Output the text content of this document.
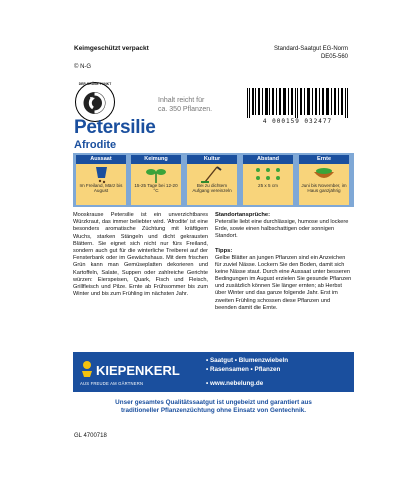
Keimgeschützt verpackt
© N-G
Standard-Saatgut EG-Norm
DE05-560
DER GRÜNE PUNKT
Inhalt reicht für
ca. 350 Pflanzen.
4 000159 032477
Petersilie
Afrodite
Aussaat
Im Freiland, März bis August
Keimung
15-25 Tage bei 12-20 °C
Kultur
Bei zu dichtem Aufgang vereinzeln
Abstand
25 x 5 cm
Ernte
Juni bis November, im Haus ganzjährig
Mooskrause Petersilie ist ein unverzichtbares Würzkraut, das immer beliebter wird. 'Afrodite' ist eine besonders aromatische Züchtung mit kräftigem Wuchs, starken Stängeln und dicht gekrausten Blättern. Sie eignet sich nicht nur fürs Freiland, sondern auch gut für die winterliche Treiberei auf der Fensterbank oder im Gewächshaus. Mit dem frischen Grün kann man Gemüseplatten dekorieren und Kartoffeln, Salate, Suppen oder zahlreiche Gerichte würzen: Eierspeisen, Quark, Fisch und Fleisch, Grillfleisch und Pilze. Ernte ab Frühsommer bis zum Winter und bis zum Frühling im nächsten Jahr.
Standortansprüche:
Petersilie liebt eine durchlässige, humose und lockere Erde, sowie einen halbschattigen oder sonnigen Standort.
Tipps:
Gelbe Blätter an jungen Pflanzen sind ein Anzeichen für zuviel Nässe. Lockern Sie den Boden, damit sich keine Nässe staut. Durch eine Aussaat unter besseren Bedingungen im August erzielen Sie gesunde Pflanzen und zusätzlich können Sie länger ernten; ab Herbst über Winter und das ganze folgende Jahr. Erst im zweiten Frühling schossen diese Pflanzen und beenden damit die Ernte.
KIEPENKERL
AUS FREUDE AM GÄRTNERN
• Saatgut • Blumenzwiebeln
• Rasensamen • Pflanzen
• www.nebelung.de
Unser gesamtes Qualitätssaatgut ist ungebeizt und garantiert aus
traditioneller Pflanzenzüchtung ohne Einsatz von Gentechnik.
GL 4700718
